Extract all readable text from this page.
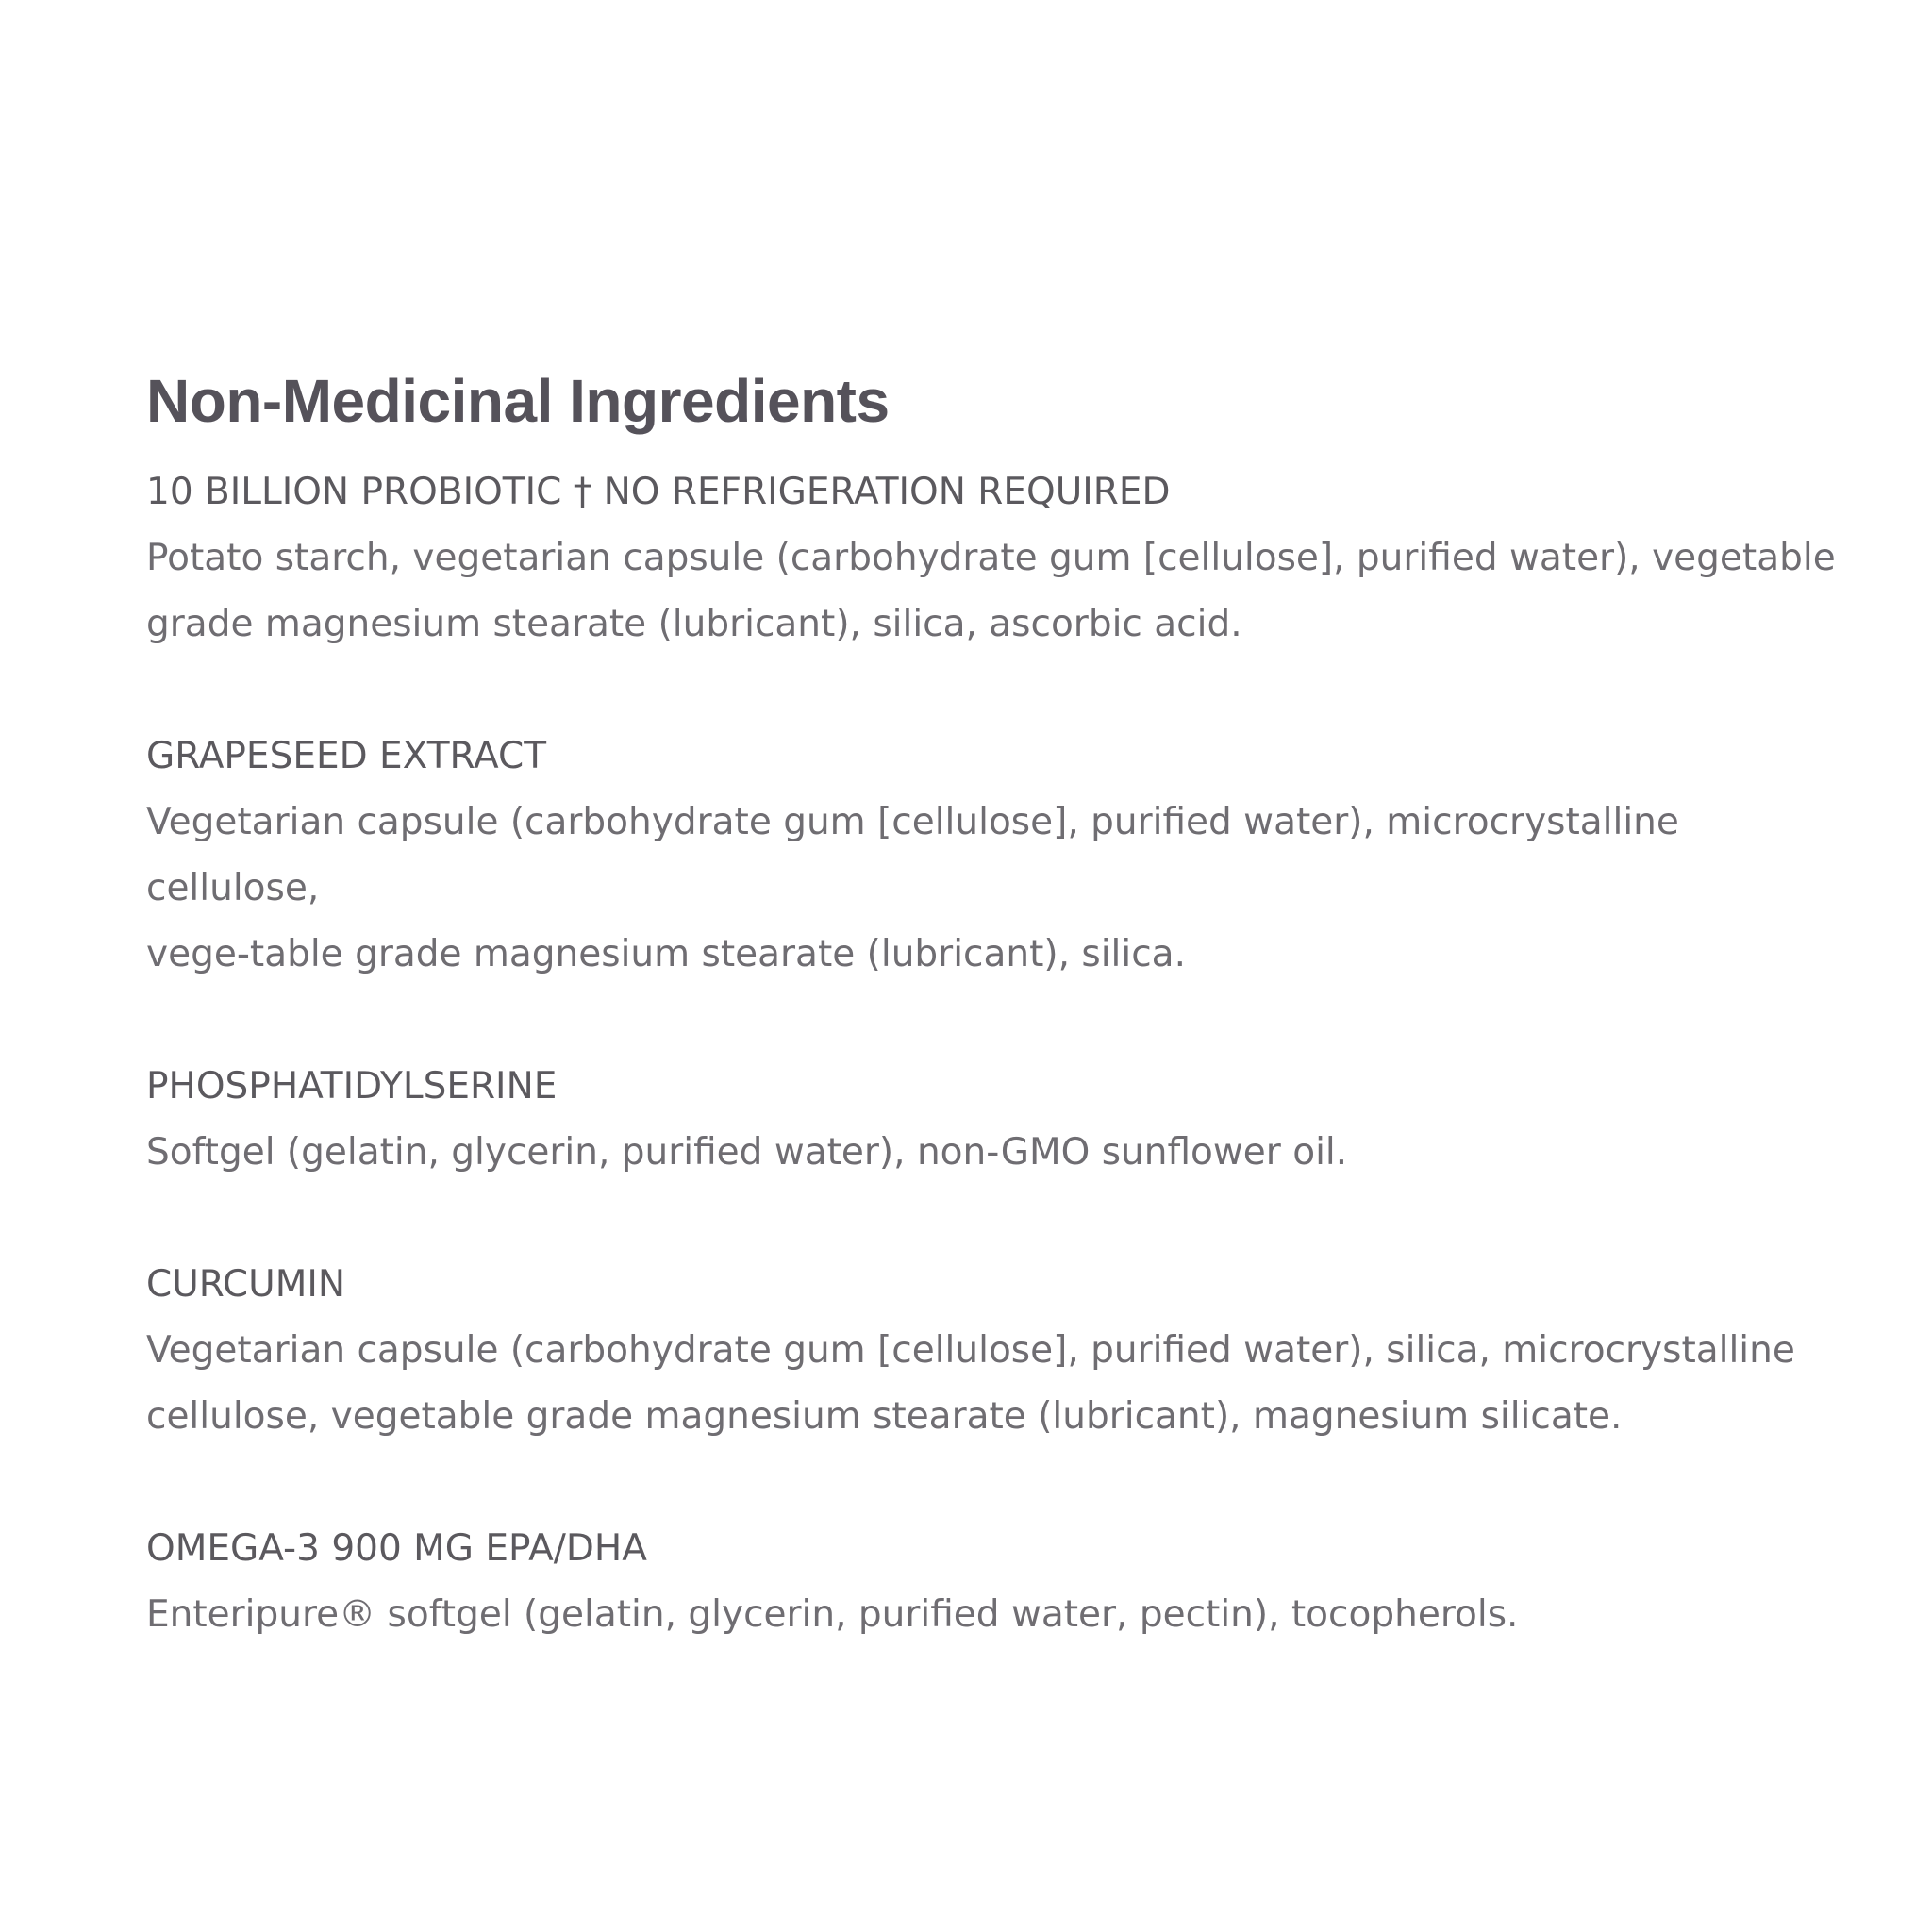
Non-Medicinal Ingredients

10 BILLION PROBIOTIC † NO REFRIGERATION REQUIRED

Potato starch, vegetarian capsule (carbohydrate gum [cellulose], purified water), vegetable
grade magnesium stearate (lubricant), silica, ascorbic acid.

GRAPESEED EXTRACT

Vegetarian capsule (carbohydrate gum [cellulose], purified water), microcrystalline cellulose,
vege-table grade magnesium stearate (lubricant), silica.

PHOSPHATIDYLSERINE

Softgel (gelatin, glycerin, purified water), non-GMO sunflower oil.

CURCUMIN

Vegetarian capsule (carbohydrate gum [cellulose], purified water), silica, microcrystalline
cellulose, vegetable grade magnesium stearate (lubricant), magnesium silicate.

OMEGA-3 900 MG EPA/DHA

Enteripure® softgel (gelatin, glycerin, purified water, pectin), tocopherols.
